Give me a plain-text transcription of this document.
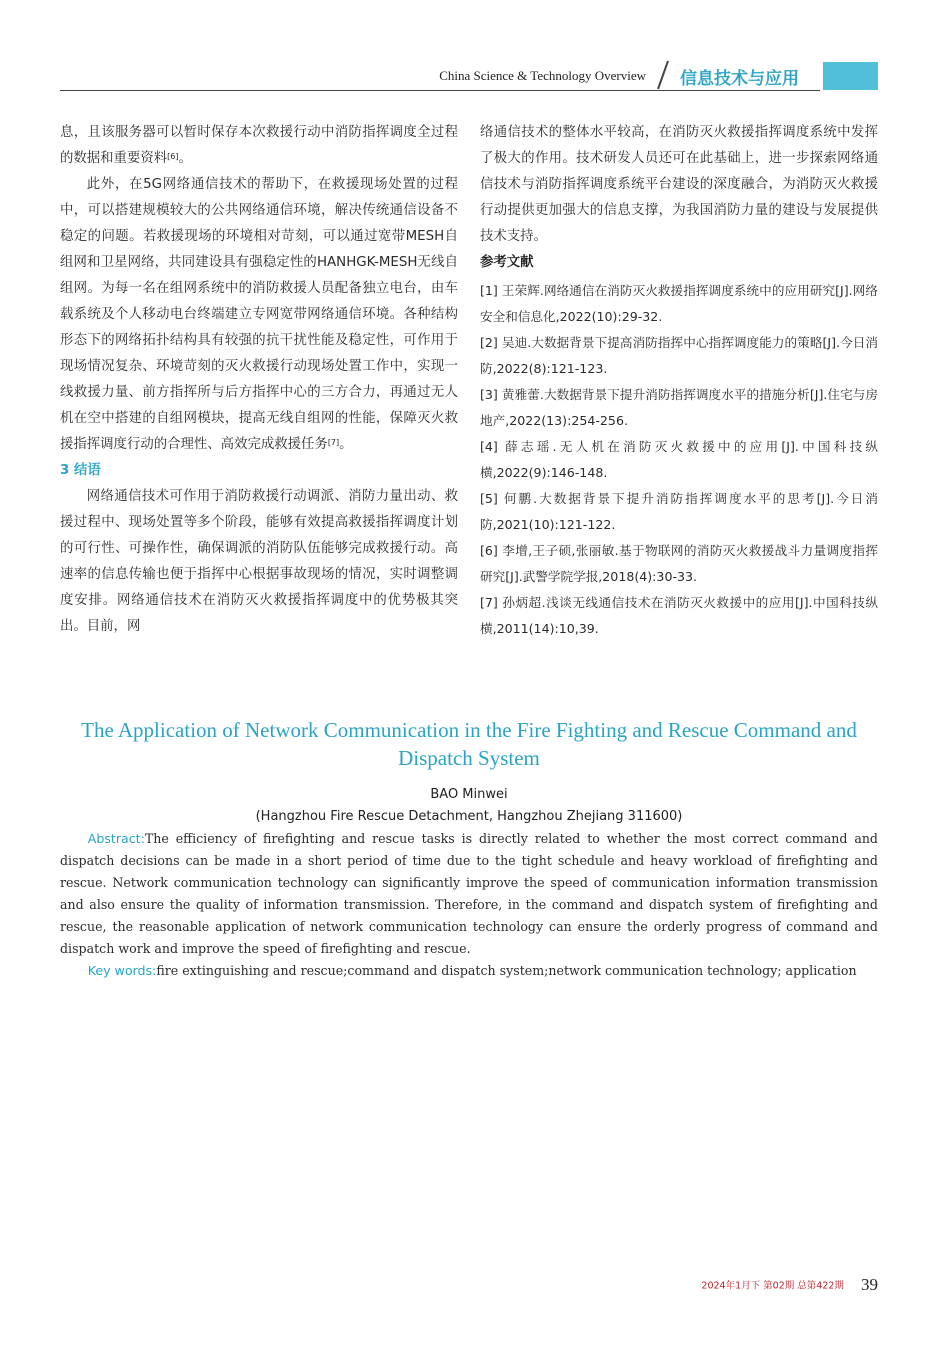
China Science & Technology Overview 信息技术与应用

息，且该服务器可以暂时保存本次救援行动中消防指挥调度全过程的数据和重要资料[6]。

此外，在5G网络通信技术的帮助下，在救援现场处置的过程中，可以搭建规模较大的公共网络通信环境，解决传统通信设备不稳定的问题。若救援现场的环境相对苛刻，可以通过宽带MESH自组网和卫星网络，共同建设具有强稳定性的HANHGK-MESH无线自组网。为每一名在组网系统中的消防救援人员配备独立电台，由车载系统及个人移动电台终端建立专网宽带网络通信环境。各种结构形态下的网络拓扑结构具有较强的抗干扰性能及稳定性，可作用于现场情况复杂、环境苛刻的灭火救援行动现场处置工作中，实现一线救援力量、前方指挥所与后方指挥中心的三方合力，再通过无人机在空中搭建的自组网模块，提高无线自组网的性能，保障灭火救援指挥调度行动的合理性、高效完成救援任务[7]。

3 结语

网络通信技术可作用于消防救援行动调派、消防力量出动、救援过程中、现场处置等多个阶段，能够有效提高救援指挥调度计划的可行性、可操作性，确保调派的消防队伍能够完成救援行动。高速率的信息传输也便于指挥中心根据事故现场的情况，实时调整调度安排。网络通信技术在消防灭火救援指挥调度中的优势极其突出。目前，网

络通信技术的整体水平较高，在消防灭火救援指挥调度系统中发挥了极大的作用。技术研发人员还可在此基础上，进一步探索网络通信技术与消防指挥调度系统平台建设的深度融合，为消防灭火救援行动提供更加强大的信息支撑，为我国消防力量的建设与发展提供技术支持。

参考文献

[1] 王荣辉.网络通信在消防灭火救援指挥调度系统中的应用研究[J].网络安全和信息化,2022(10):29-32.

[2] 吴迪.大数据背景下提高消防指挥中心指挥调度能力的策略[J].今日消防,2022(8):121-123.

[3] 黄雅蕾.大数据背景下提升消防指挥调度水平的措施分析[J].住宅与房地产,2022(13):254-256.

[4] 薛志瑶.无人机在消防灭火救援中的应用[J].中国科技纵横,2022(9):146-148.

[5] 何鹏.大数据背景下提升消防指挥调度水平的思考[J].今日消防,2021(10):121-122.

[6] 李增,王子硕,张丽敏.基于物联网的消防灭火救援战斗力量调度指挥研究[J].武警学院学报,2018(4):30-33.

[7] 孙炳超.浅谈无线通信技术在消防灭火救援中的应用[J].中国科技纵横,2011(14):10,39.

The Application of Network Communication in the Fire Fighting and Rescue Command and Dispatch System

BAO Minwei

(Hangzhou Fire Rescue Detachment, Hangzhou Zhejiang 311600)

Abstract:The efficiency of firefighting and rescue tasks is directly related to whether the most correct command and dispatch decisions can be made in a short period of time due to the tight schedule and heavy workload of firefighting and rescue. Network communication technology can significantly improve the speed of communication information transmission and also ensure the quality of information transmission. Therefore, in the command and dispatch system of firefighting and rescue, the reasonable application of network communication technology can ensure the orderly progress of command and dispatch work and improve the speed of firefighting and rescue.

Key words:fire extinguishing and rescue;command and dispatch system;network communication technology; application

2024年1月下 第02期 总第422期 39
